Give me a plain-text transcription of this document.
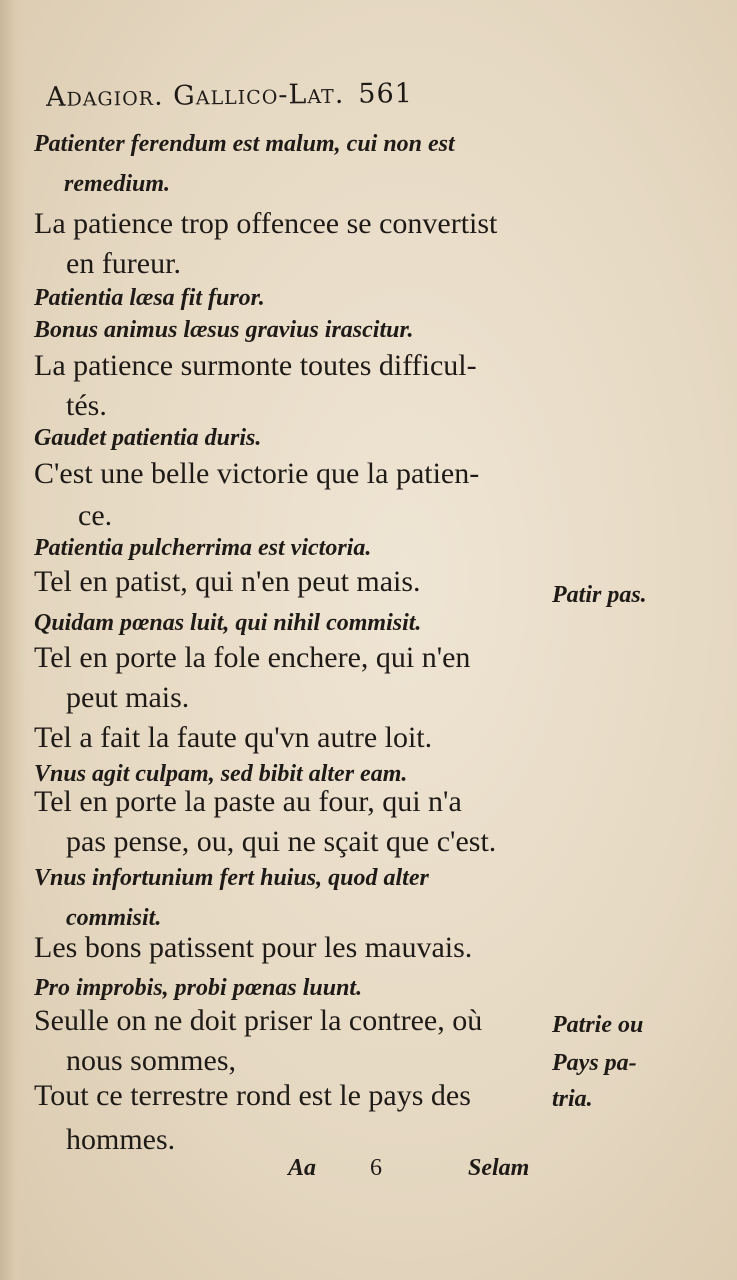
Adagior. Gallico-Lat. 561
Patienter ferendum est malum, cui non est
remedium.
La patience trop offencee se convertist
en fureur.
Patientia læsa fit furor.
Bonus animus læsus gravius irascitur.
La patience surmonte toutes difficul-
tés.
Gaudet patientia duris.
C'est une belle victorie que la patien-
ce.
Patientia pulcherrima est victoria.
Tel en patist, qui n'en peut mais.
Quidam pœnas luit, qui nihil commisit.
Tel en porte la fole enchere, qui n'en
peut mais.
Tel a fait la faute qu'vn autre loit.
Vnus agit culpam, sed bibit alter eam.
Tel en porte la paste au four, qui n'a
pas pense, ou, qui ne sçait que c'est.
Vnus infortunium fert huius, quod alter
commisit.
Les bons patissent pour les mauvais.
Pro improbis, probi pœnas luunt.
Seulle on ne doit priser la contree, où
nous sommes,
Tout ce terrestre rond est le pays des
hommes.
Patir pas.
Patrie ou
Pays pa-
tria.
Aa 6	Selam
